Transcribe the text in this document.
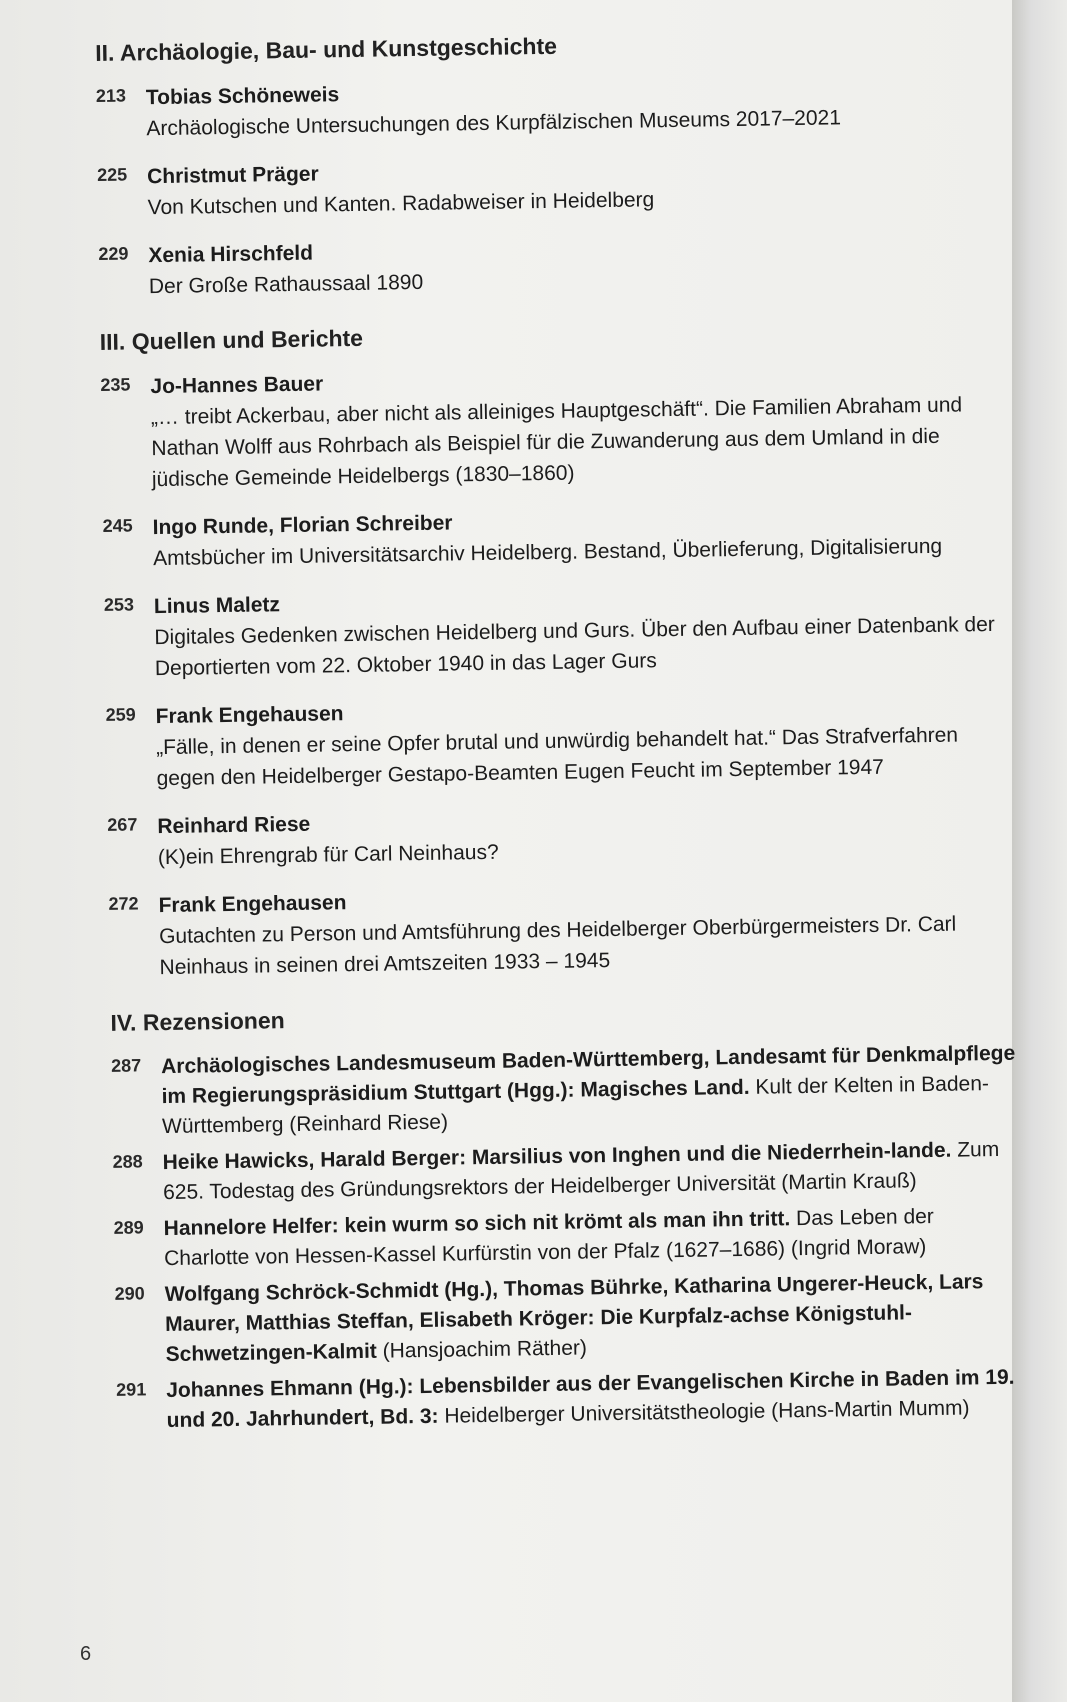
II. Archäologie, Bau- und Kunstgeschichte
213 Tobias Schöneweis
Archäologische Untersuchungen des Kurpfälzischen Museums 2017–2021
225 Christmut Präger
Von Kutschen und Kanten. Radabweiser in Heidelberg
229 Xenia Hirschfeld
Der Große Rathaussaal 1890
III. Quellen und Berichte
235 Jo-Hannes Bauer
„… treibt Ackerbau, aber nicht als alleiniges Hauptgeschäft“. Die Familien Abraham und Nathan Wolff aus Rohrbach als Beispiel für die Zuwanderung aus dem Umland in die jüdische Gemeinde Heidelbergs (1830–1860)
245 Ingo Runde, Florian Schreiber
Amtsbücher im Universitätsarchiv Heidelberg. Bestand, Überlieferung, Digitalisierung
253 Linus Maletz
Digitales Gedenken zwischen Heidelberg und Gurs. Über den Aufbau einer Datenbank der Deportierten vom 22. Oktober 1940 in das Lager Gurs
259 Frank Engehausen
„Fälle, in denen er seine Opfer brutal und unwürdig behandelt hat.“ Das Strafverfahren gegen den Heidelberger Gestapo-Beamten Eugen Feucht im September 1947
267 Reinhard Riese
(K)ein Ehrengrab für Carl Neinhaus?
272 Frank Engehausen
Gutachten zu Person und Amtsführung des Heidelberger Oberbürgermeisters Dr. Carl Neinhaus in seinen drei Amtszeiten 1933 – 1945
IV. Rezensionen
287 Archäologisches Landesmuseum Baden-Württemberg, Landesamt für Denkmalpflege im Regierungspräsidium Stuttgart (Hgg.): Magisches Land. Kult der Kelten in Baden-Württemberg (Reinhard Riese)
288 Heike Hawicks, Harald Berger: Marsilius von Inghen und die Niederrhein-lande. Zum 625. Todestag des Gründungsrektors der Heidelberger Universität (Martin Krauß)
289 Hannelore Helfer: kein wurm so sich nit krömt als man ihn tritt. Das Leben der Charlotte von Hessen-Kassel Kurfürstin von der Pfalz (1627–1686) (Ingrid Moraw)
290 Wolfgang Schröck-Schmidt (Hg.), Thomas Bührke, Katharina Ungerer-Heuck, Lars Maurer, Matthias Steffan, Elisabeth Kröger: Die Kurpfalz-achse Königstuhl-Schwetzingen-Kalmit (Hansjoachim Räther)
291 Johannes Ehmann (Hg.): Lebensbilder aus der Evangelischen Kirche in Baden im 19. und 20. Jahrhundert, Bd. 3: Heidelberger Universitätstheologie (Hans-Martin Mumm)
6
